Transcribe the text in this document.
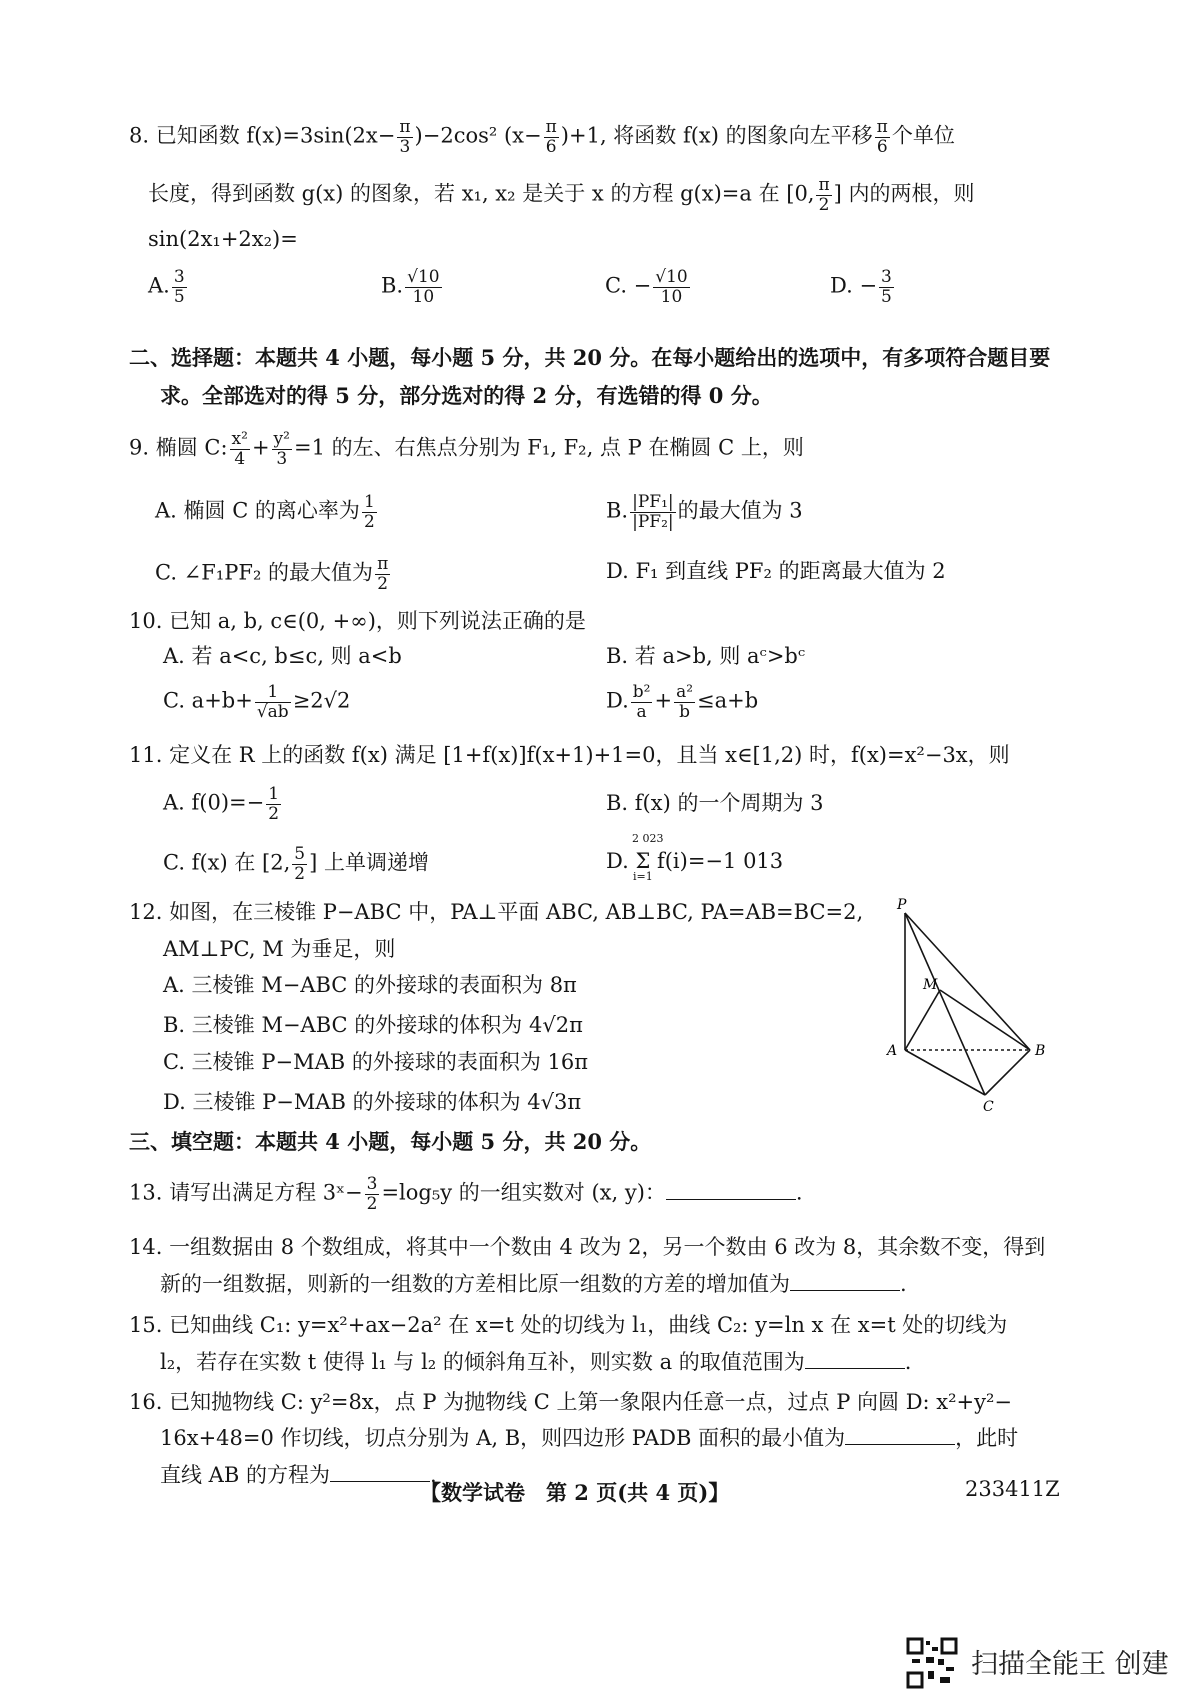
8. 已知函数 $f(x)=3\sin(2x- \frac{\pi}{3} )-2\cos^2$ $(x- \frac{\pi}{6} )+1$, 将函数 f(x) 的图象向左平移 $\frac{\pi}{6}$ 个单位
长度，得到函数 g(x) 的图象，若 x₁, x₂ 是关于 x 的方程 g(x)=a 在 [0, $\frac{\pi}{2}$ ] 内的两根，则
sin(2x₁+2x₂)=
A. $\frac{3}{5}$	B. $\frac{√10}{10}$	C. − $\frac{√10}{10}$	D. − $\frac{3}{5}$
二、选择题：本题共 4 小题，每小题 5 分，共 20 分。在每小题给出的选项中，有多项符合题目要
求。全部选对的得 5 分，部分选对的得 2 分，有选错的得 0 分。
9. 椭圆 C: $\frac{\text{x²}}{4} + \frac{\text{y²}}{3} =1$ 的左、右焦点分别为 F₁, F₂, 点 P 在椭圆 C 上，则
A. 椭圆 C 的离心率为 $\frac{1}{2}$	B. $\frac{\text{|PF₁|}}{\text{|PF₂|}}$ 的最大值为 3
C. ∠F₁PF₂ 的最大值为 $\frac{\pi}{2}$	D. F₁ 到直线 PF₂ 的距离最大值为 2
10. 已知 a, b, c∈(0, +∞)，则下列说法正确的是
A. 若 a<c, b≤c, 则 a<b	B. 若 a>b, 则 aᶜ>bᶜ
C. $a+b+ \frac{1}{√ab} \ge 2√2$	D. $\frac{\text{b²}}{a} + \frac{\text{a²}}{b} \le a+b$
11. 定义在 R 上的函数 f(x) 满足 [1+f(x)]f(x+1)+1=0，且当 x∈[1,2) 时，f(x)=x²−3x，则
A. $f(0)=- \frac{1}{2}$	B. f(x) 的一个周期为 3
C. f(x) 在 [2, $\frac{5}{2}$ ] 上单调递增	D. Σ f(i)=−1 013
2 023
i=1
12. 如图，在三棱锥 P−ABC 中，PA⊥平面 ABC, AB⊥BC, PA=AB=BC=2,
AM⊥PC, M 为垂足，则
A. 三棱锥 M−ABC 的外接球的表面积为 8π
B. 三棱锥 M−ABC 的外接球的体积为 4√2π
C. 三棱锥 P−MAB 的外接球的表面积为 16π
D. 三棱锥 P−MAB 的外接球的体积为 4√3π
P
M
A	B
C
三、填空题：本题共 4 小题，每小题 5 分，共 20 分。
13. 请写出满足方程 3ˣ− $\frac{3}{2} =\log_5y$ 的一组实数对 (x, y)：	.
14. 一组数据由 8 个数组成，将其中一个数由 4 改为 2，另一个数由 6 改为 8，其余数不变，得到
新的一组数据，则新的一组数的方差相比原一组数的方差的增加值为	.
15. 已知曲线 C₁: y=x²+ax−2a² 在 x=t 处的切线为 l₁，曲线 C₂: y=ln x 在 x=t 处的切线为
l₂，若存在实数 t 使得 l₁ 与 l₂ 的倾斜角互补，则实数 a 的取值范围为	.
16. 已知抛物线 C: y²=8x，点 P 为抛物线 C 上第一象限内任意一点，过点 P 向圆 D: x²+y²−
16x+48=0 作切线，切点分别为 A, B，则四边形 PADB 面积的最小值为	，此时
直线 AB 的方程为	.
【数学试卷　第 2 页(共 4 页)】	233411Z
扫描全能王 创建
